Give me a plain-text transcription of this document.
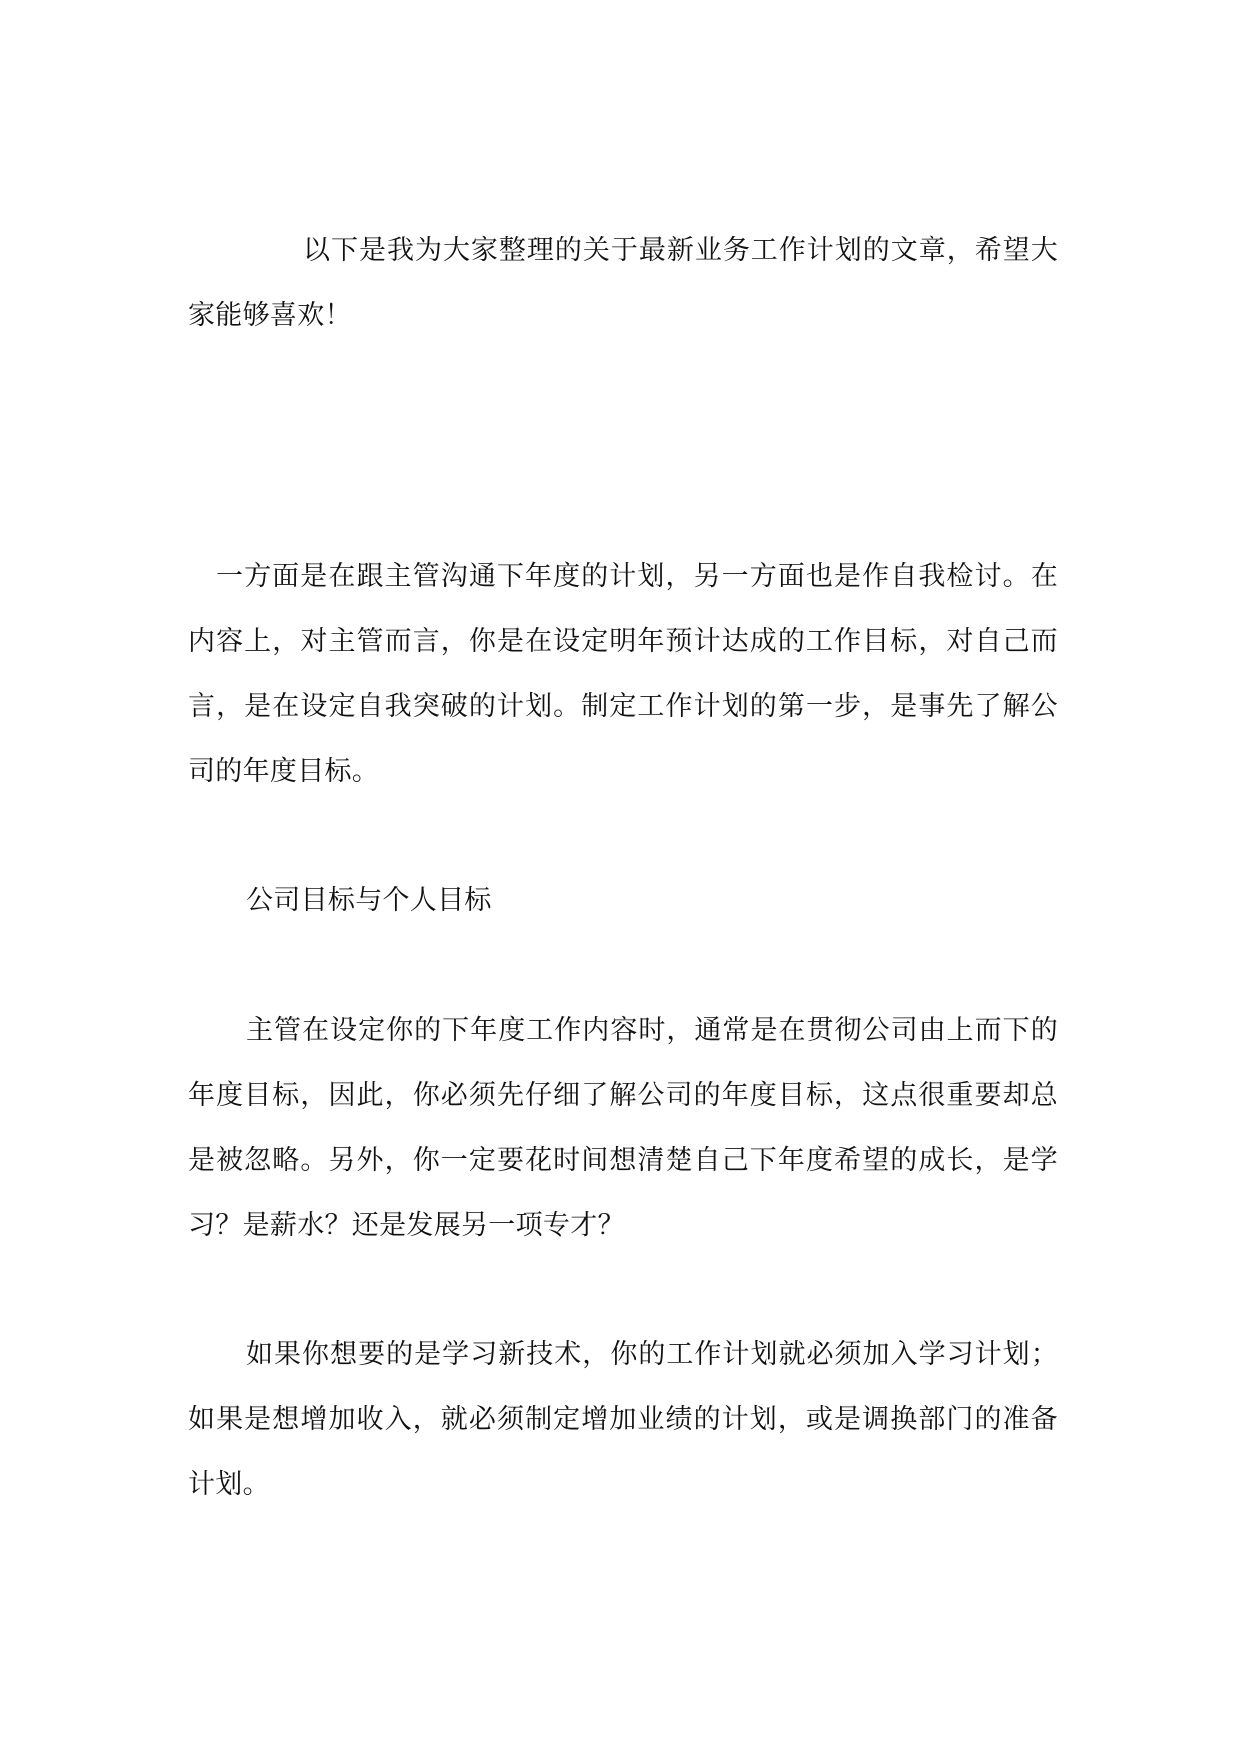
以下是我为大家整理的关于最新业务工作计划的文章，希望大家能够喜欢！

一方面是在跟主管沟通下年度的计划，另一方面也是作自我检讨。在内容上，对主管而言，你是在设定明年预计达成的工作目标，对自己而言，是在设定自我突破的计划。制定工作计划的第一步，是事先了解公司的年度目标。

公司目标与个人目标

主管在设定你的下年度工作内容时，通常是在贯彻公司由上而下的年度目标，因此，你必须先仔细了解公司的年度目标，这点很重要却总是被忽略。另外，你一定要花时间想清楚自己下年度希望的成长，是学习？是薪水？还是发展另一项专才？

如果你想要的是学习新技术，你的工作计划就必须加入学习计划；如果是想增加收入，就必须制定增加业绩的计划，或是调换部门的准备计划。
